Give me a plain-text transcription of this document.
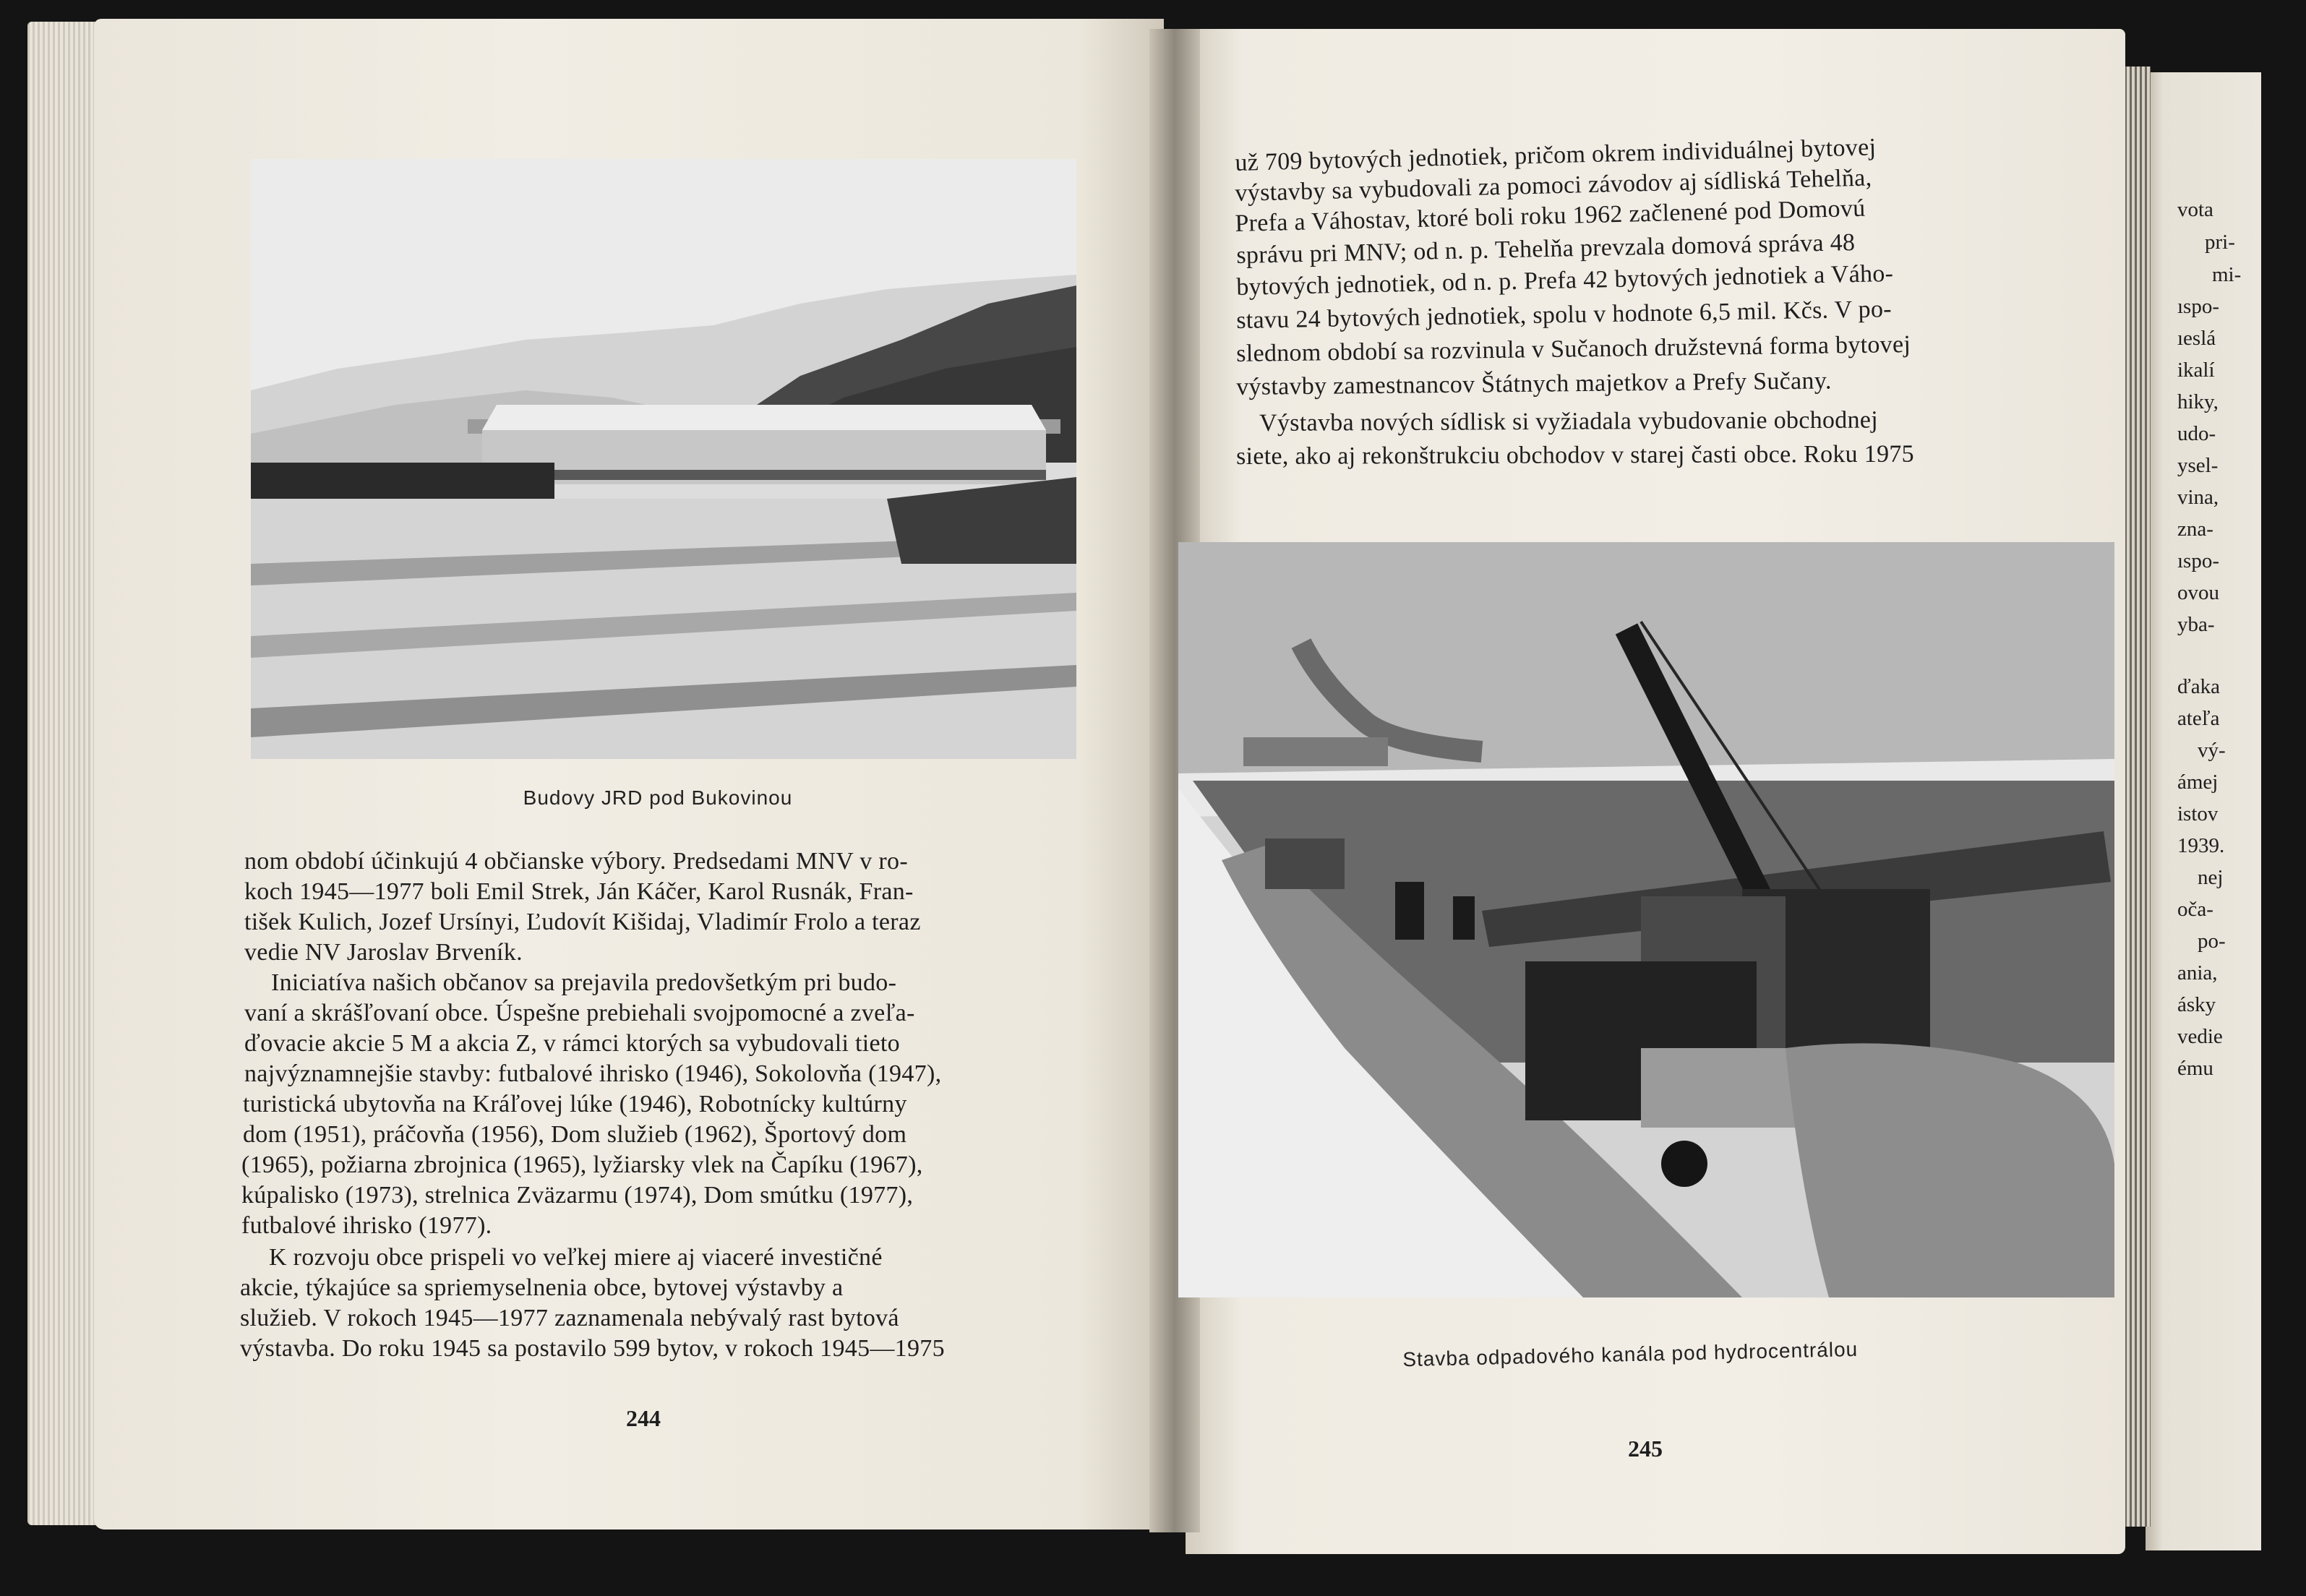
Budovy JRD pod Bukovinou
nom období účinkujú 4 občianske výbory. Predsedami MNV v ro-
koch 1945—1977 boli Emil Strek, Ján Káčer, Karol Rusnák, Fran-
tišek Kulich, Jozef Ursínyi, Ľudovít Kišidaj, Vladimír Frolo a teraz
vedie NV Jaroslav Brveník.
Iniciatíva našich občanov sa prejavila predovšetkým pri budo-
vaní a skrášľovaní obce. Úspešne prebiehali svojpomocné a zveľa-
ďovacie akcie 5 M a akcia Z, v rámci ktorých sa vybudovali tieto
najvýznamnejšie stavby: futbalové ihrisko (1946), Sokolovňa (1947),
turistická ubytovňa na Kráľovej lúke (1946), Robotnícky kultúrny
dom (1951), práčovňa (1956), Dom služieb (1962), Športový dom
(1965), požiarna zbrojnica (1965), lyžiarsky vlek na Čapíku (1967),
kúpalisko (1973), strelnica Zväzarmu (1974), Dom smútku (1977),
futbalové ihrisko (1977).
K rozvoju obce prispeli vo veľkej miere aj viaceré investičné
akcie, týkajúce sa spriemyselnenia obce, bytovej výstavby a
služieb. V rokoch 1945—1977 zaznamenala nebývalý rast bytová
výstavba. Do roku 1945 sa postavilo 599 bytov, v rokoch 1945—1975
244
už 709 bytových jednotiek, pričom okrem individuálnej bytovej
výstavby sa vybudovali za pomoci závodov aj sídliská Tehelňa,
Prefa a Váhostav, ktoré boli roku 1962 začlenené pod Domovú
správu pri MNV; od n. p. Tehelňa prevzala domová správa 48
bytových jednotiek, od n. p. Prefa 42 bytových jednotiek a Váho-
stavu 24 bytových jednotiek, spolu v hodnote 6,5 mil. Kčs. V po-
slednom období sa rozvinula v Sučanoch družstevná forma bytovej
výstavby zamestnancov Štátnych majetkov a Prefy Sučany.
Výstavba nových sídlisk si vyžiadala vybudovanie obchodnej
siete, ako aj rekonštrukciu obchodov v starej časti obce. Roku 1975
Stavba odpadového kanála pod hydrocentrálou
245
vota
pri-
mi-
ıspo-
ıeslá
ikalí
hiky,
udo-
ysel-
vina,
zna-
ıspo-
ovou
yba-
ďaka
ateľa
vý-
ámej
istov
1939.
nej
oča-
po-
ania,
ásky
vedie
ému
